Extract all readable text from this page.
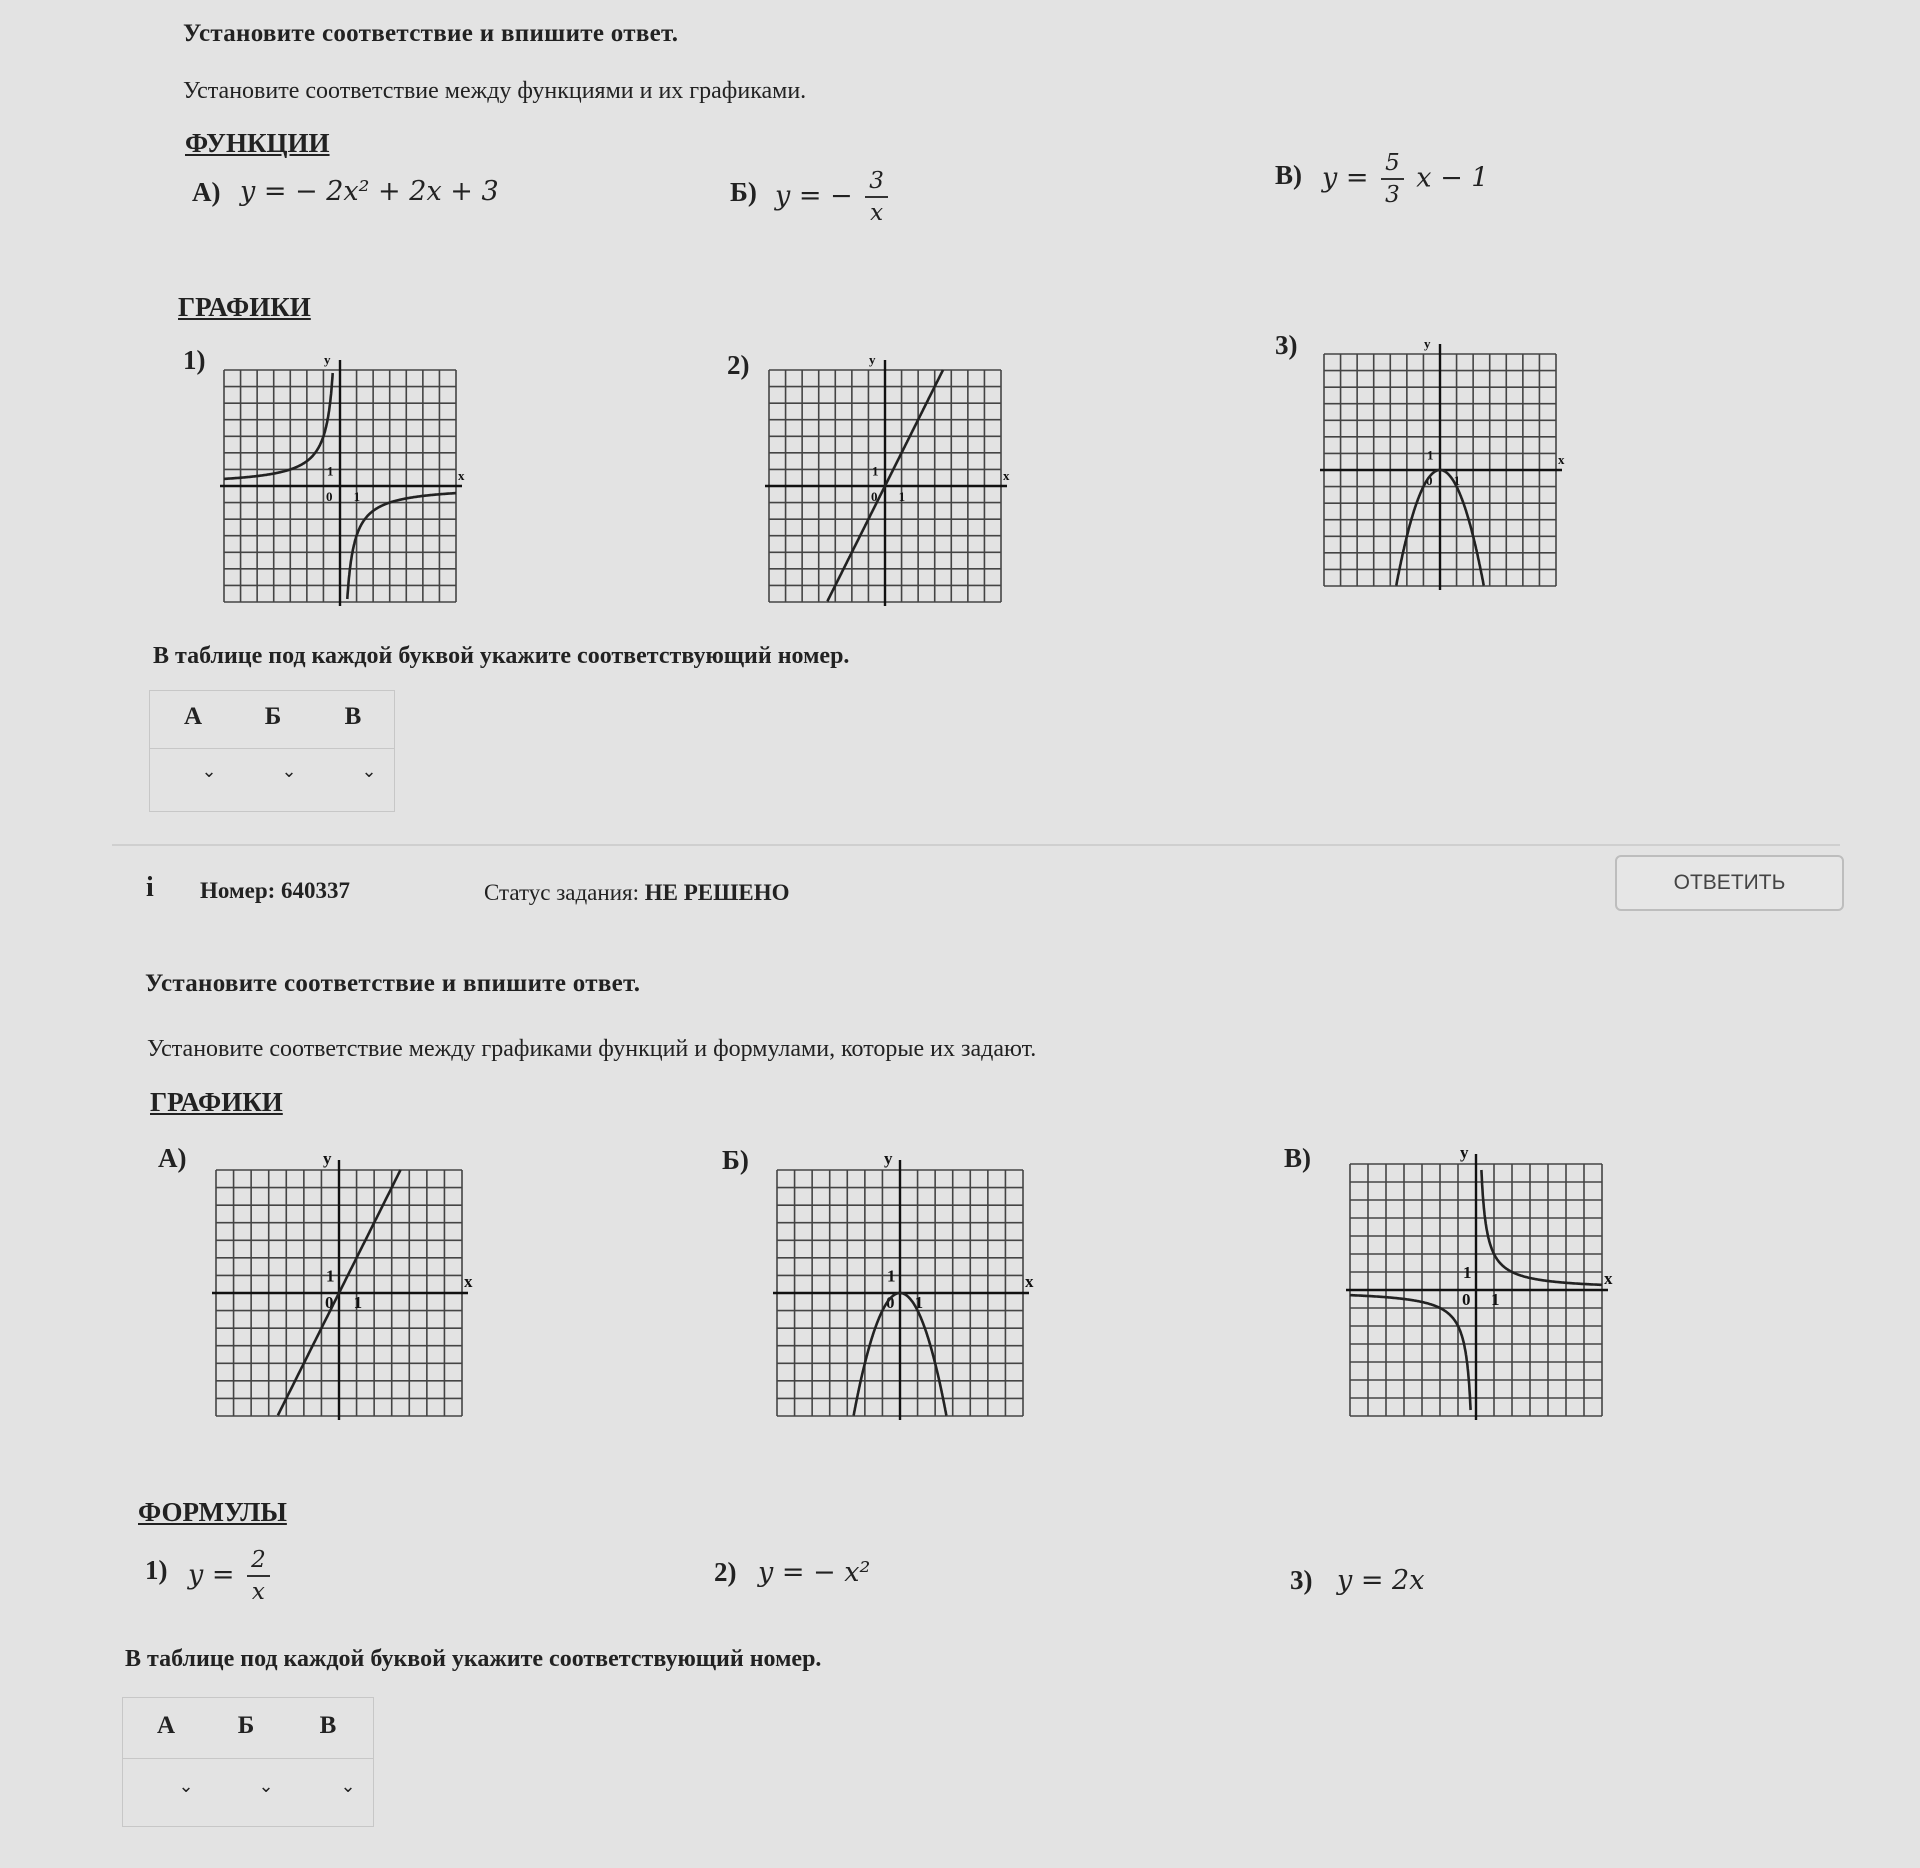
Установите соответствие и впишите ответ.
Установите соответствие между функциями и их графиками.
ФУНКЦИИ
А) y = − 2x² + 2x + 3	Б) y = − $\frac{3}{x}$	В) $y = \frac{5}{3}$ x − 1
ГРАФИКИ
1)	2)
3)
y
x
0 1
1
y
x
0 1
1
y
x
0 1
1
В таблице под каждой буквой укажите соответствующий номер.
А	Б	В
⌄	⌄	⌄
i Номер: 640337	Статус задания: НЕ РЕШЕНО	ОТВЕТИТЬ
Установите соответствие и впишите ответ.
Установите соответствие между графиками функций и формулами, которые их задают.
ГРАФИКИ
А)	Б)	В)
y
x
0 1
1
y
x
0 1
1
y
x
0 1
1
ФОРМУЛЫ
1) $y = \frac{2}{x}$	2) y = − x²	3) y = 2x
В таблице под каждой буквой укажите соответствующий номер.
А	Б	В
⌄	⌄	⌄
